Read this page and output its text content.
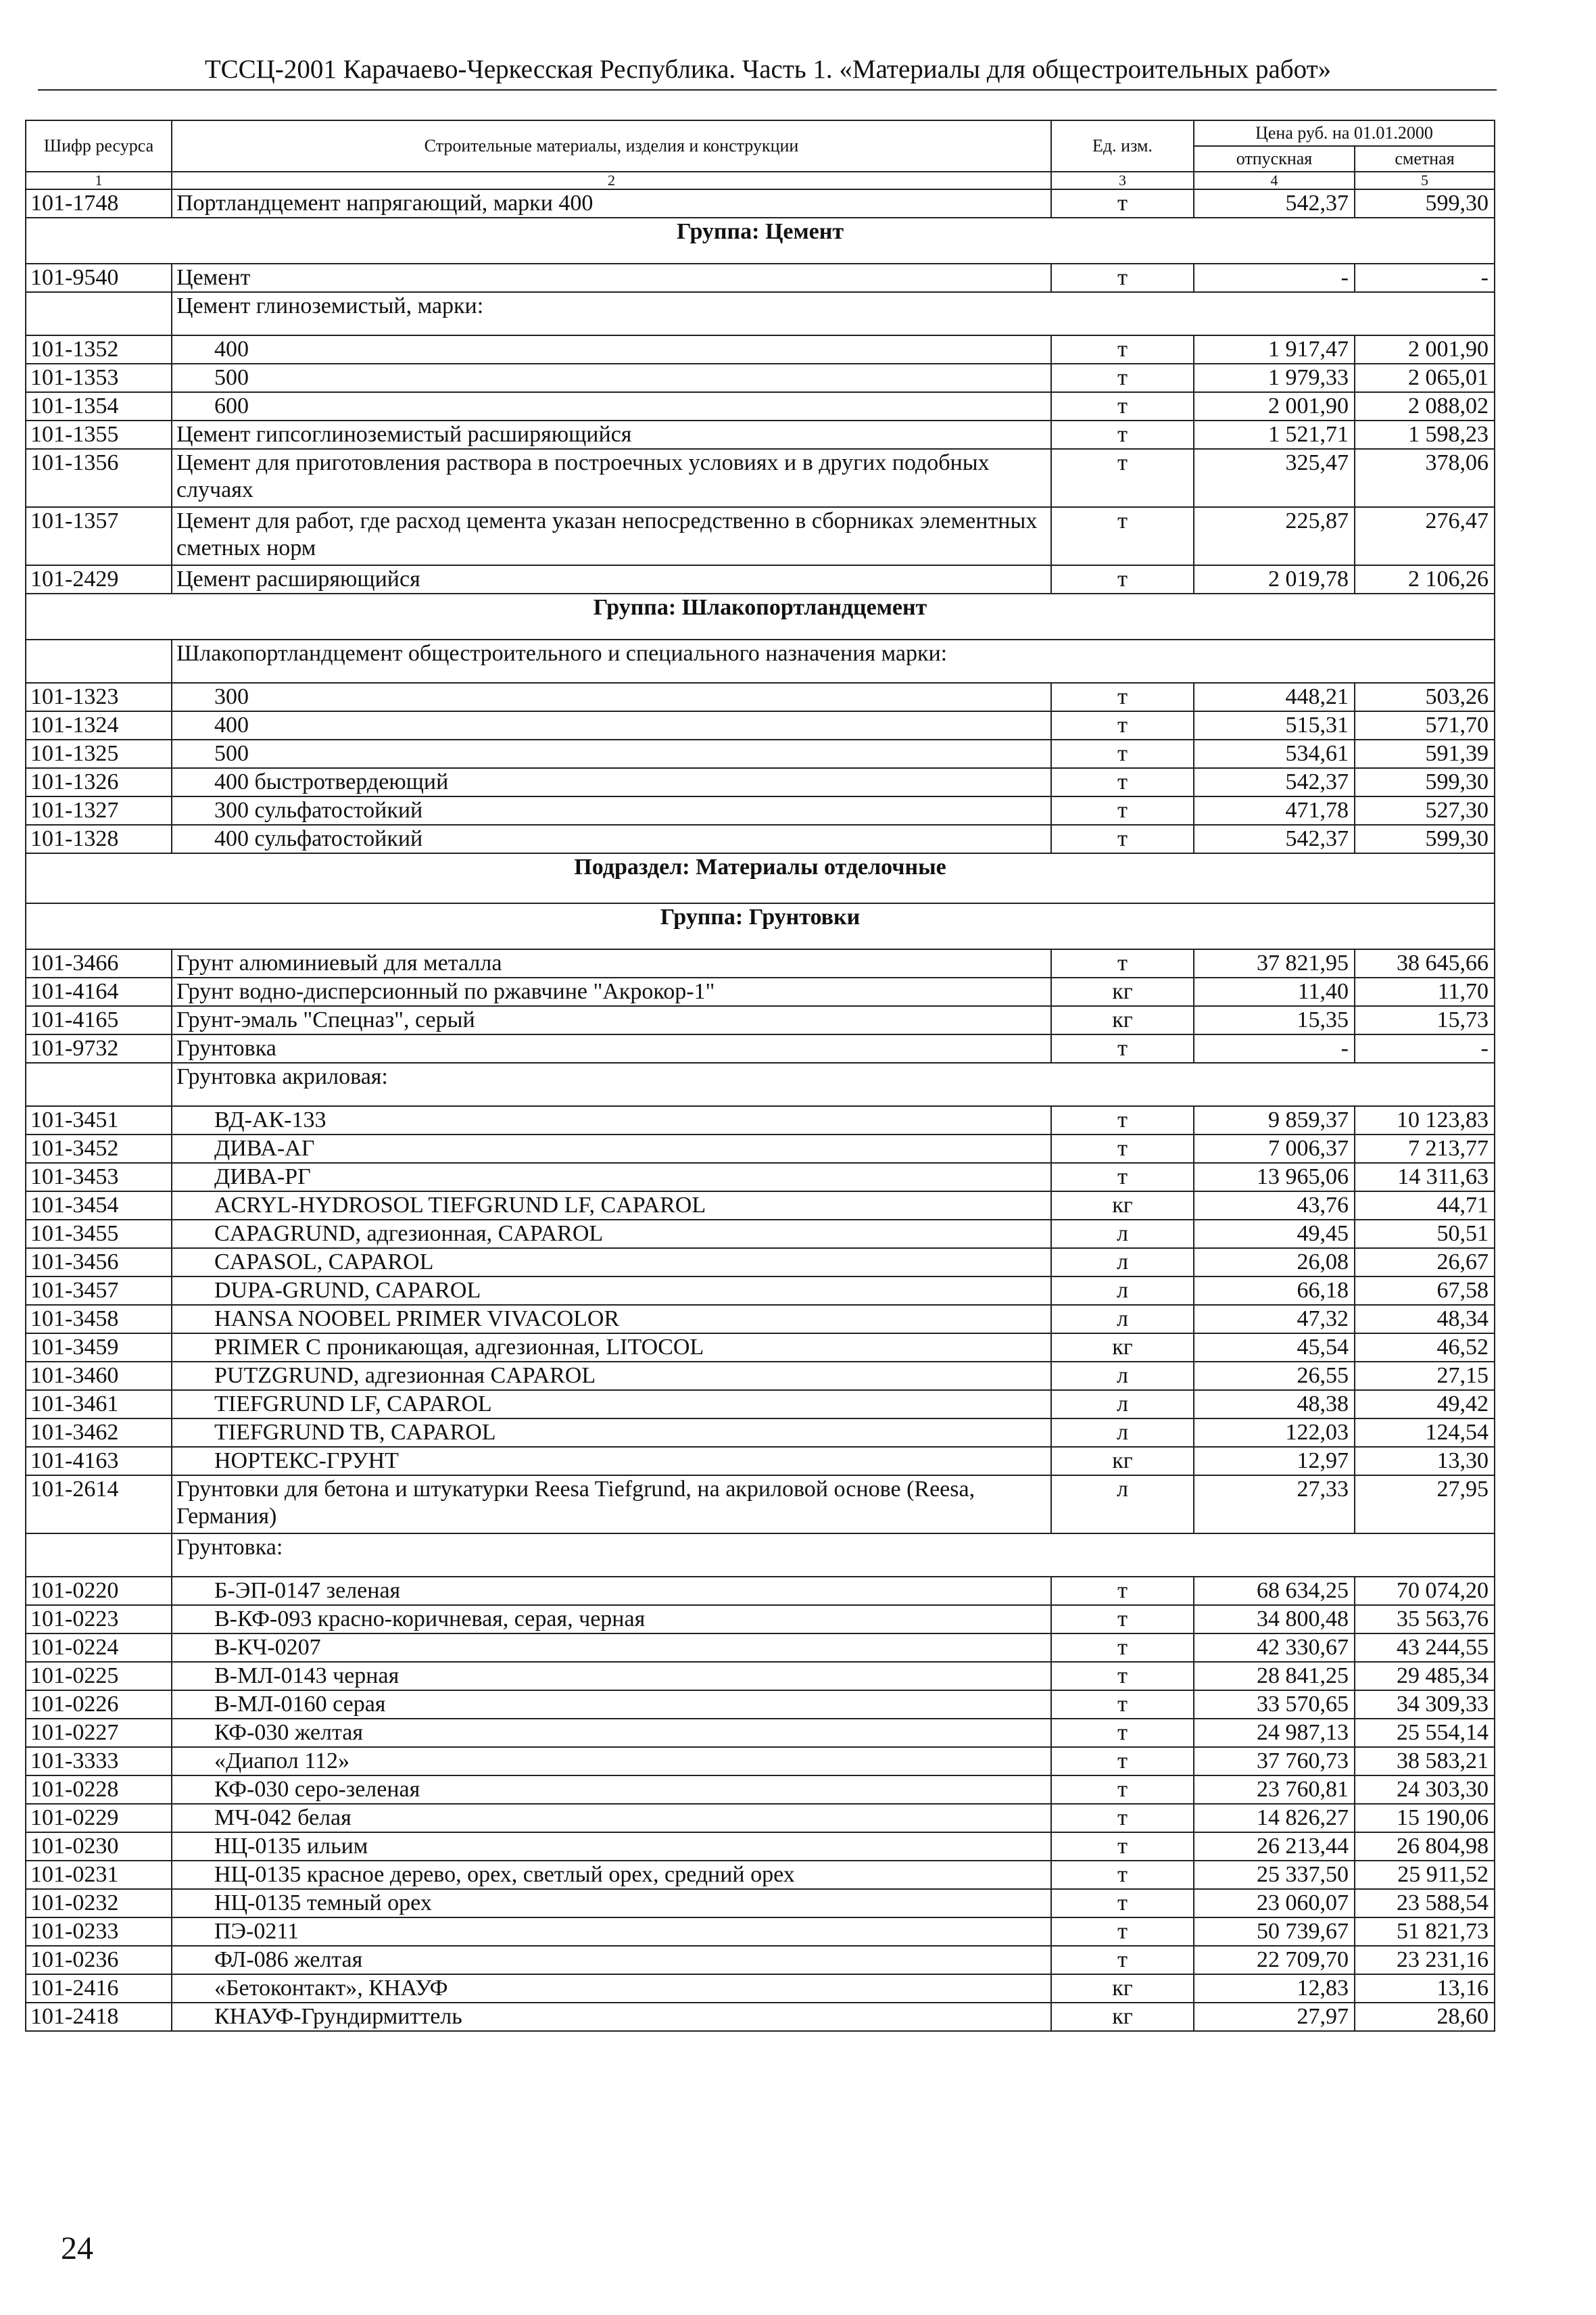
ТССЦ-2001 Карачаево-Черкесская Республика. Часть 1. «Материалы для общестроительных работ»
Шифр ресурса	Строительные материалы, изделия и конструкции	Ед. изм.	Цена руб. на 01.01.2000	
			отпускная	сметная
1	2	3	4	5
101-1748	Портландцемент напрягающий, марки 400	т	542,37	599,30
Группа: Цемент				
101-9540	Цемент	т	-	-
	Цемент глиноземистый, марки:			
101-1352	400	т	1 917,47	2 001,90
101-1353	500	т	1 979,33	2 065,01
101-1354	600	т	2 001,90	2 088,02
101-1355	Цемент гипсоглиноземистый расширяющийся	т	1 521,71	1 598,23
101-1356	Цемент для приготовления раствора в построечных условиях и в других подобных случаях	т	325,47	378,06
101-1357	Цемент для работ, где расход цемента указан непосредственно в сборниках элементных сметных норм	т	225,87	276,47
101-2429	Цемент расширяющийся	т	2 019,78	2 106,26
Группа: Шлакопортландцемент				
	Шлакопортландцемент общестроительного и специального назначения марки:			
101-1323	300	т	448,21	503,26
101-1324	400	т	515,31	571,70
101-1325	500	т	534,61	591,39
101-1326	400 быстротвердеющий	т	542,37	599,30
101-1327	300 сульфатостойкий	т	471,78	527,30
101-1328	400 сульфатостойкий	т	542,37	599,30
Подраздел: Материалы отделочные				
Группа: Грунтовки				
101-3466	Грунт алюминиевый для металла	т	37 821,95	38 645,66
101-4164	Грунт водно-дисперсионный по ржавчине "Акрокор-1"	кг	11,40	11,70
101-4165	Грунт-эмаль "Спецназ", серый	кг	15,35	15,73
101-9732	Грунтовка	т	-	-
	Грунтовка акриловая:			
101-3451	ВД-АК-133	т	9 859,37	10 123,83
101-3452	ДИВА-АГ	т	7 006,37	7 213,77
101-3453	ДИВА-РГ	т	13 965,06	14 311,63
101-3454	ACRYL-HYDROSOL TIEFGRUND LF, CAPAROL	кг	43,76	44,71
101-3455	CAPAGRUND, адгезионная, CAPAROL	л	49,45	50,51
101-3456	CAPASOL, CAPAROL	л	26,08	26,67
101-3457	DUPA-GRUND, CAPAROL	л	66,18	67,58
101-3458	HANSA NOOBEL PRIMER VIVACOLOR	л	47,32	48,34
101-3459	PRIMER C проникающая, адгезионная, LITOCOL	кг	45,54	46,52
101-3460	PUTZGRUND, адгезионная CAPAROL	л	26,55	27,15
101-3461	TIEFGRUND LF, CAPAROL	л	48,38	49,42
101-3462	TIEFGRUND TB, CAPAROL	л	122,03	124,54
101-4163	НОРТЕКС-ГРУНТ	кг	12,97	13,30
101-2614	Грунтовки для бетона и штукатурки Reesa Tiefgrund, на акриловой основе (Reesa, Германия)	л	27,33	27,95
	Грунтовка:			
101-0220	Б-ЭП-0147 зеленая	т	68 634,25	70 074,20
101-0223	В-КФ-093 красно-коричневая, серая, черная	т	34 800,48	35 563,76
101-0224	В-КЧ-0207	т	42 330,67	43 244,55
101-0225	В-МЛ-0143 черная	т	28 841,25	29 485,34
101-0226	В-МЛ-0160 серая	т	33 570,65	34 309,33
101-0227	КФ-030 желтая	т	24 987,13	25 554,14
101-3333	«Диапол 112»	т	37 760,73	38 583,21
101-0228	КФ-030 серо-зеленая	т	23 760,81	24 303,30
101-0229	МЧ-042 белая	т	14 826,27	15 190,06
101-0230	НЦ-0135 ильим	т	26 213,44	26 804,98
101-0231	НЦ-0135 красное дерево, орех, светлый орех, средний орех	т	25 337,50	25 911,52
101-0232	НЦ-0135 темный орех	т	23 060,07	23 588,54
101-0233	ПЭ-0211	т	50 739,67	51 821,73
101-0236	ФЛ-086 желтая	т	22 709,70	23 231,16
101-2416	«Бетоконтакт», КНАУФ	кг	12,83	13,16
101-2418	КНАУФ-Грундирмиттель	кг	27,97	28,60
24
